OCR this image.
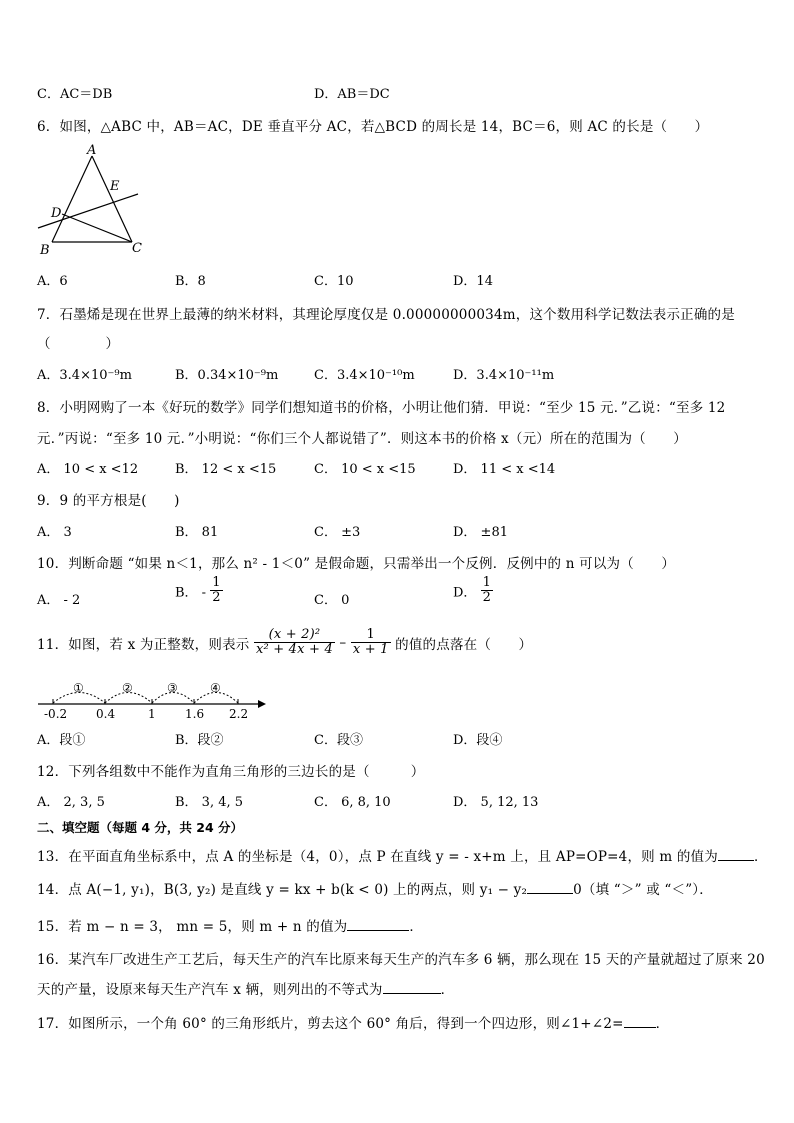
C．AC＝DB	D．AB＝DC
6．如图，△ABC 中，AB＝AC，DE 垂直平分 AC，若△BCD 的周长是 14，BC＝6，则 AC 的长是（　　）
A
B	C
D
E
A．6	B．8	C．10	D．14
7．石墨烯是现在世界上最薄的纳米材料，其理论厚度仅是 0.00000000034m，这个数用科学记数法表示正确的是
（　　　　）
A．3.4×10⁻⁹m	B．0.34×10⁻⁹m	C．3.4×10⁻¹⁰m	D．3.4×10⁻¹¹m
8．小明网购了一本《好玩的数学》同学们想知道书的价格，小明让他们猜．甲说：“至少 15 元．”乙说：“至多 12
元．”丙说：“至多 10 元．”小明说：“你们三个人都说错了”．则这本书的价格 x（元）所在的范围为（　　）
A． 10 < x <12	B． 12 < x <15	C． 10 < x <15	D． 11 < x <14
9．9 的平方根是(　　)
A． 3	B． 81	C． ±3	D． ±81
10．判断命题 “如果 n＜1，那么 n² - 1＜0” 是假命题，只需举出一个反例．反例中的 n 可以为（　　）
A． - 2
B． - $\frac{1}{2}$	C． 0
D． $\frac{1}{2}$
11．如图，若 x 为正整数，则表示 $\frac{\text{(x + 2)²}}{\text{x² + 4x + 4}} - \frac{1}{x + 1}$ 的值的点落在（　　）
①	②	③	④
-0.2 0.4	1 1.6 2.2
A．段①	B．段②	C．段③	D．段④
12．下列各组数中不能作为直角三角形的三边长的是（　　　）
A． 2, 3, 5	B． 3, 4, 5	C． 6, 8, 10	D． 5, 12, 13
二、填空题（每题 4 分，共 24 分）
13．在平面直角坐标系中，点 A 的坐标是（4，0），点 P 在直线 y = - x+m 上，且 AP=OP=4，则 m 的值为	．
14．点 A(−1, y₁)，B(3, y₂) 是直线 y = kx + b(k < 0) 上的两点，则 y₁ − y₂	0（填 “＞” 或 “＜”）．
15．若 m − n = 3， mn = 5，则 m + n 的值为	．
16．某汽车厂改进生产工艺后，每天生产的汽车比原来每天生产的汽车多 6 辆，那么现在 15 天的产量就超过了原来 20
天的产量，设原来每天生产汽车 x 辆，则列出的不等式为	．
17．如图所示，一个角 60° 的三角形纸片，剪去这个 60° 角后，得到一个四边形，则∠1+∠2= ．
